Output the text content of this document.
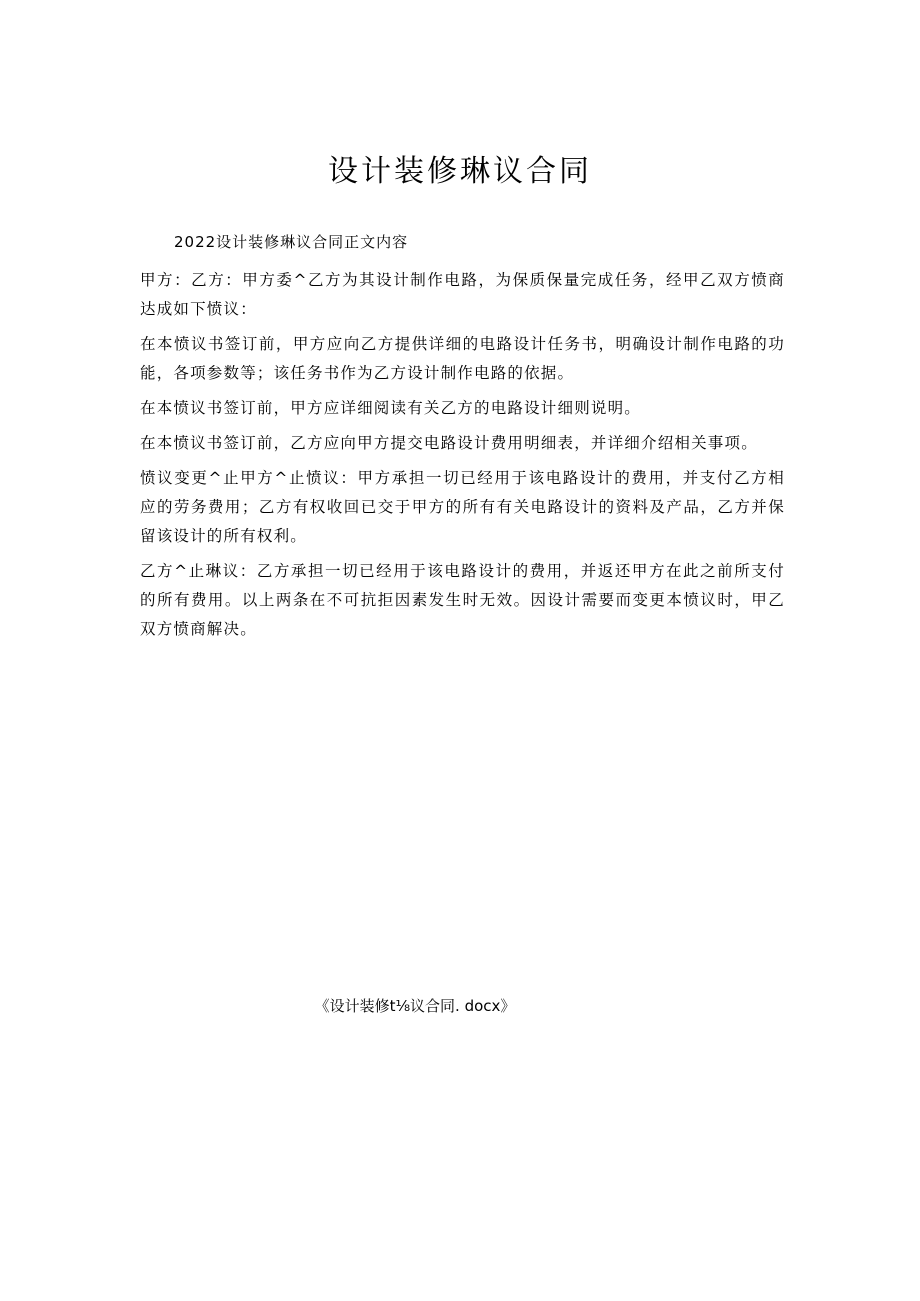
设计装修琳议合同
2022设计装修琳议合同正文内容

甲方：乙方：甲方委^乙方为其设计制作电路，为保质保量完成任务，经甲乙双方愤商达成如下愤议：

在本愤议书签订前，甲方应向乙方提供详细的电路设计任务书，明确设计制作电路的功能，各项参数等；该任务书作为乙方设计制作电路的依据。

在本愤议书签订前，甲方应详细阅读有关乙方的电路设计细则说明。

在本愤议书签订前，乙方应向甲方提交电路设计费用明细表，并详细介绍相关事项。

愤议变更^止甲方^止愤议：甲方承担一切已经用于该电路设计的费用，并支付乙方相应的劳务费用；乙方有权收回已交于甲方的所有有关电路设计的资料及产品，乙方并保留该设计的所有权利。

乙方^止琳议：乙方承担一切已经用于该电路设计的费用，并返还甲方在此之前所支付的所有费用。以上两条在不可抗拒因素发生时无效。因设计需要而变更本愤议时，甲乙双方愤商解决。

《设计装修t⅛议合同. docx》
